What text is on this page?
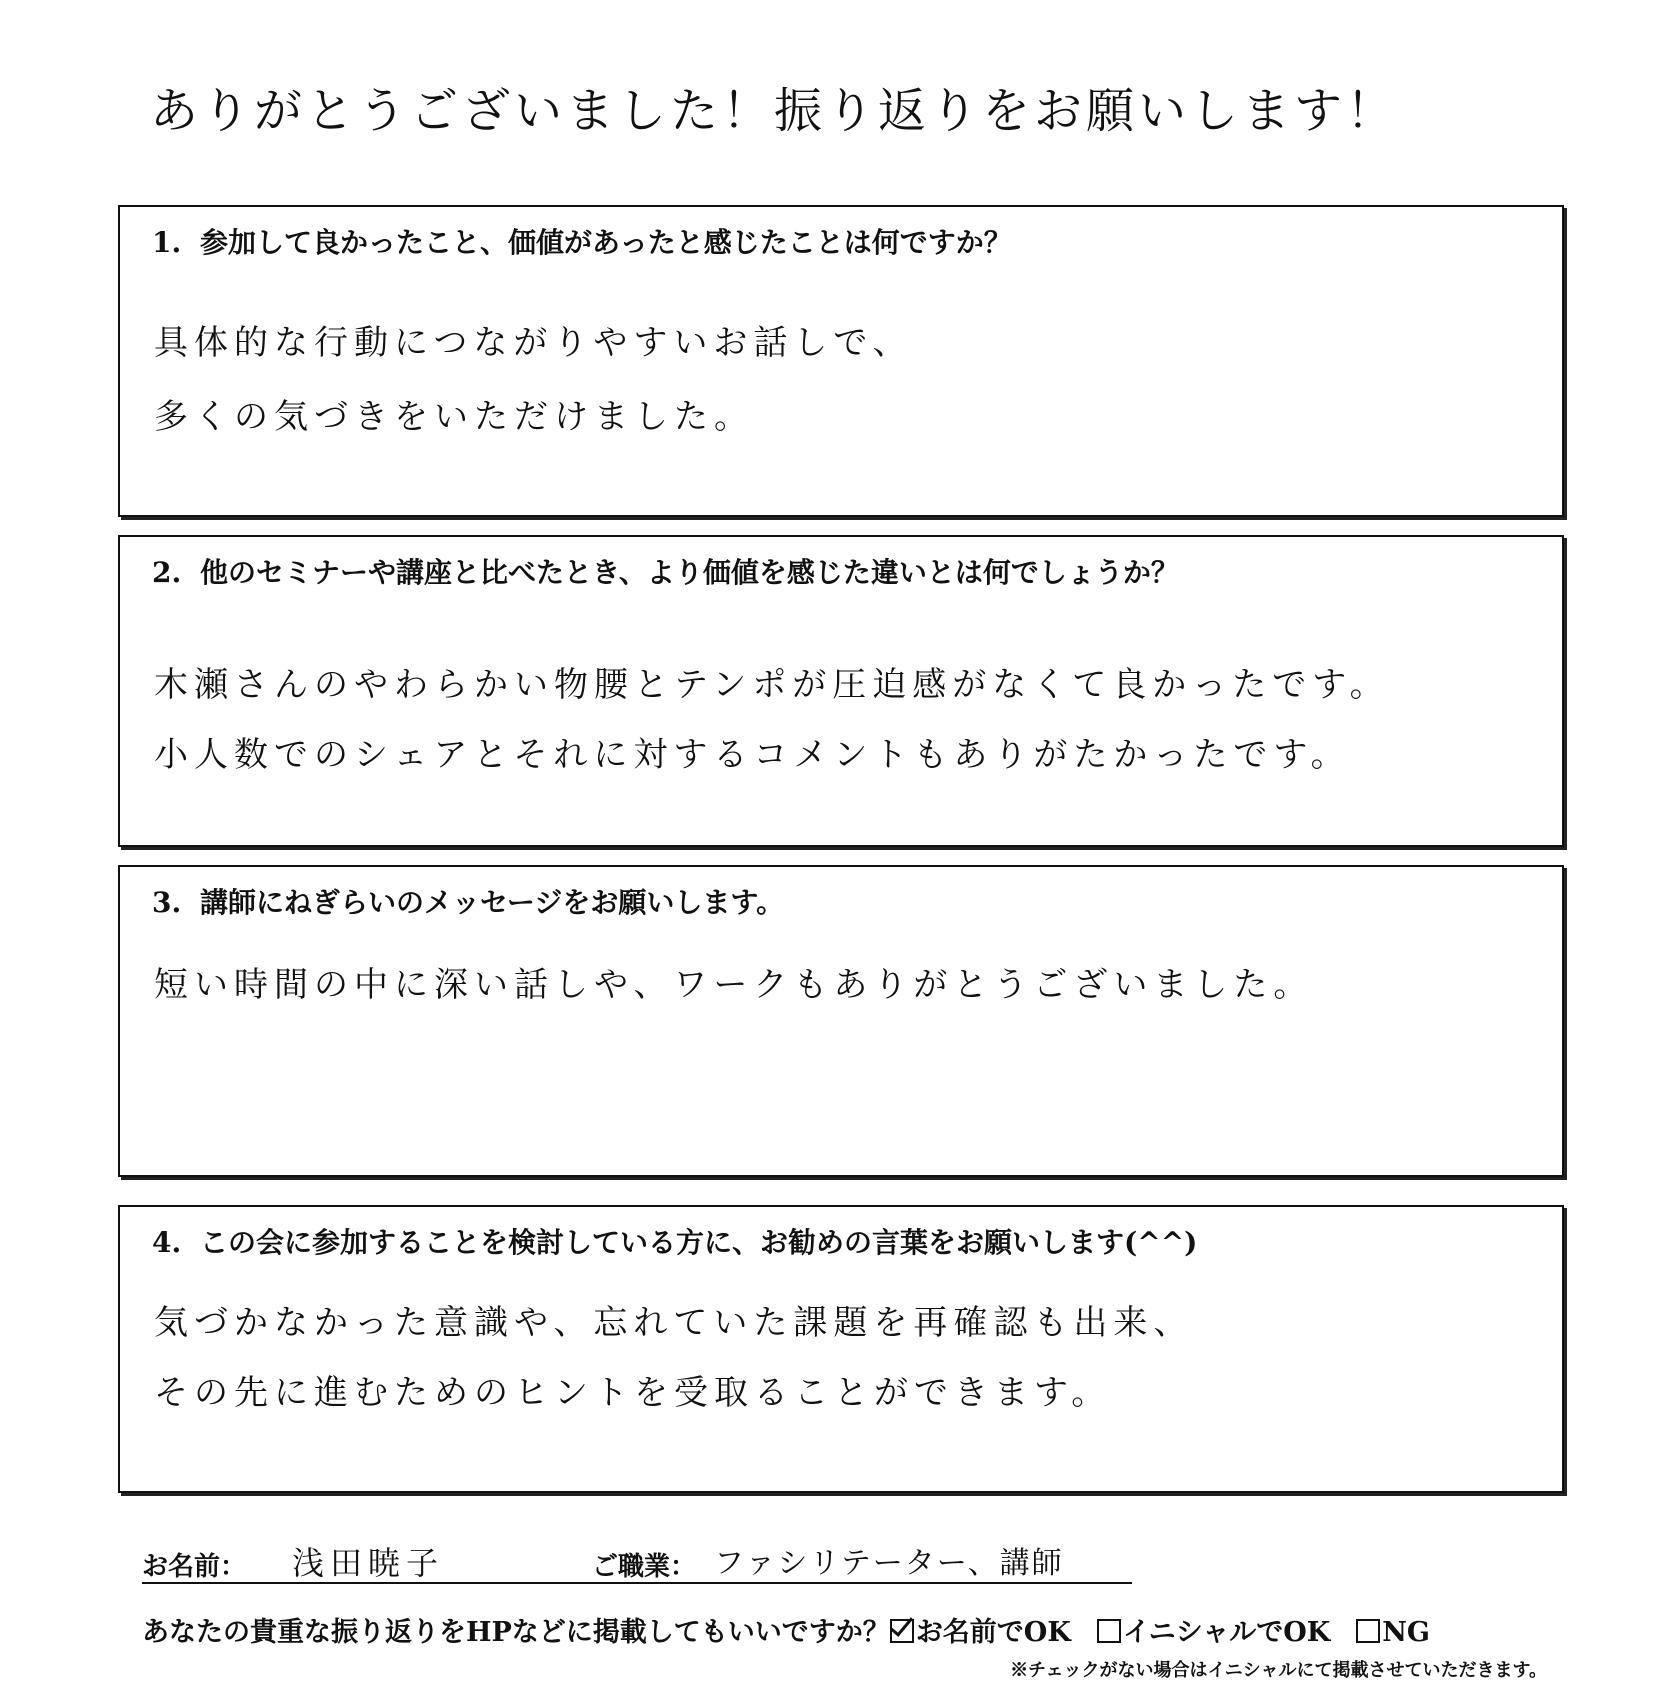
ありがとうございました！振り返りをお願いします！
1. 参加して良かったこと、価値があったと感じたことは何ですか？
具体的な行動につながりやすいお話しで、
多くの気づきをいただけました。
2. 他のセミナーや講座と比べたとき、より価値を感じた違いとは何でしょうか？
木瀬さんのやわらかい物腰とテンポが圧迫感がなくて良かったです。
小人数でのシェアとそれに対するコメントもありがたかったです。
3. 講師にねぎらいのメッセージをお願いします。
短い時間の中に深い話しや、ワークもありがとうございました。
4. この会に参加することを検討している方に、お勧めの言葉をお願いします(^^)
気づかなかった意識や、忘れていた課題を再確認も出来、
その先に進むためのヒントを受取ることができます。
お名前： 浅田暁子	ご職業： ファシリテーター、講師
あなたの貴重な振り返りをHPなどに掲載してもいいですか？ お名前でOK イニシャルでOK NG
※チェックがない場合はイニシャルにて掲載させていただきます。
